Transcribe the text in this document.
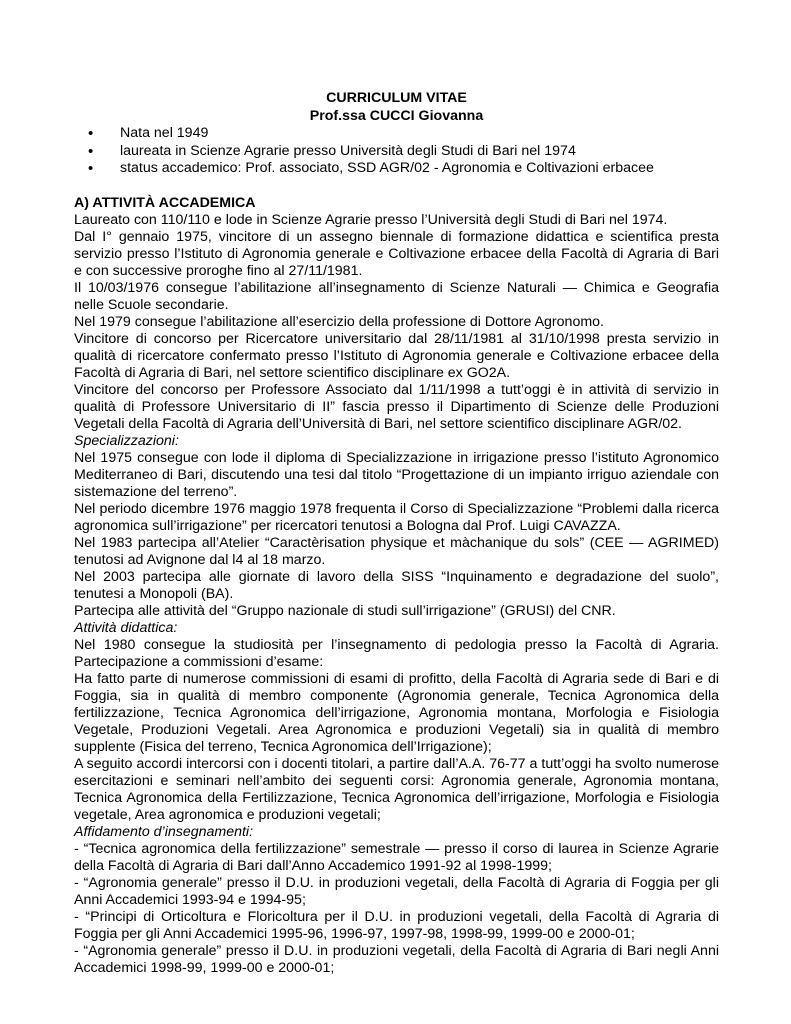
CURRICULUM VITAE
Prof.ssa CUCCI Giovanna
• Nata nel 1949
• laureata in Scienze Agrarie presso Università degli Studi di Bari nel 1974
• status accademico: Prof. associato, SSD AGR/02 - Agronomia e Coltivazioni erbacee
A) ATTIVITÀ ACCADEMICA

Laureato con 110/110 e lode in Scienze Agrarie presso l’Università degli Studi di Bari nel 1974.

Dal I° gennaio 1975, vincitore di un assegno biennale di formazione didattica e scientifica presta servizio presso l’Istituto di Agronomia generale e Coltivazione erbacee della Facoltà di Agraria di Bari e con successive proroghe fino al 27/11/1981.

Il 10/03/1976 consegue l’abilitazione all’insegnamento di Scienze Naturali — Chimica e Geografia nelle Scuole secondarie.

Nel 1979 consegue l’abilitazione all’esercizio della professione di Dottore Agronomo.

Vincitore di concorso per Ricercatore universitario dal 28/11/1981 al 31/10/1998 presta servizio in qualità di ricercatore confermato presso l’Istituto di Agronomia generale e Coltivazione erbacee della Facoltà di Agraria di Bari, nel settore scientifico disciplinare ex GO2A.

Vincitore del concorso per Professore Associato dal 1/11/1998 a tutt’oggi è in attività di servizio in qualità di Professore Universitario di II” fascia presso il Dipartimento di Scienze delle Produzioni Vegetali della Facoltà di Agraria dell’Università di Bari, nel settore scientifico disciplinare AGR/02.

Specializzazioni:

Nel 1975 consegue con lode il diploma di Specializzazione in irrigazione presso l’istituto Agronomico Mediterraneo di Bari, discutendo una tesi dal titolo “Progettazione di un impianto irriguo aziendale con sistemazione del terreno”.

Nel periodo dicembre 1976 maggio 1978 frequenta il Corso di Specializzazione “Problemi dalla ricerca agronomica sull’irrigazione” per ricercatori tenutosi a Bologna dal Prof. Luigi CAVAZZA.

Nel 1983 partecipa all’Atelier “Caractèrisation physique et màchanique du sols” (CEE — AGRIMED) tenutosi ad Avignone dal l4 al 18 marzo.

Nel 2003 partecipa alle giornate di lavoro della SISS “Inquinamento e degradazione del suolo”, tenutesi a Monopoli (BA).

Partecipa alle attività del “Gruppo nazionale di studi sull’irrigazione” (GRUSI) del CNR.

Attività didattica:

Nel 1980 consegue la studiosità per l’insegnamento di pedologia presso la Facoltà di Agraria. Partecipazione a commissioni d’esame:

Ha fatto parte di numerose commissioni di esami di profitto, della Facoltà di Agraria sede di Bari e di Foggia, sia in qualità di membro componente (Agronomia generale, Tecnica Agronomica della fertilizzazione, Tecnica Agronomica dell’irrigazione, Agronomia montana, Morfologia e Fisiologia Vegetale, Produzioni Vegetali. Area Agronomica e produzioni Vegetali) sia in qualità di membro supplente (Fisica del terreno, Tecnica Agronomica dell’Irrigazione);

A seguito accordi intercorsi con i docenti titolari, a partire dall’A.A. 76-77 a tutt’oggi ha svolto numerose esercitazioni e seminari nell’ambito dei seguenti corsi: Agronomia generale, Agronomia montana, Tecnica Agronomica della Fertilizzazione, Tecnica Agronomica dell’irrigazione, Morfologia e Fisiologia vegetale, Area agronomica e produzioni vegetali;

Affidamento d’insegnamenti:

- “Tecnica agronomica della fertilizzazione” semestrale — presso il corso di laurea in Scienze Agrarie della Facoltà di Agraria di Bari dall’Anno Accademico 1991-92 al 1998-1999;

- “Agronomia generale” presso il D.U. in produzioni vegetali, della Facoltà di Agraria di Foggia per gli Anni Accademici 1993-94 e 1994-95;

- “Principi di Orticoltura e Floricoltura per il D.U. in produzioni vegetali, della Facoltà di Agraria di Foggia per gli Anni Accademici 1995-96, 1996-97, 1997-98, 1998-99, 1999-00 e 2000-01;

- “Agronomia generale” presso il D.U. in produzioni vegetali, della Facoltà di Agraria di Bari negli Anni Accademici 1998-99, 1999-00 e 2000-01;
